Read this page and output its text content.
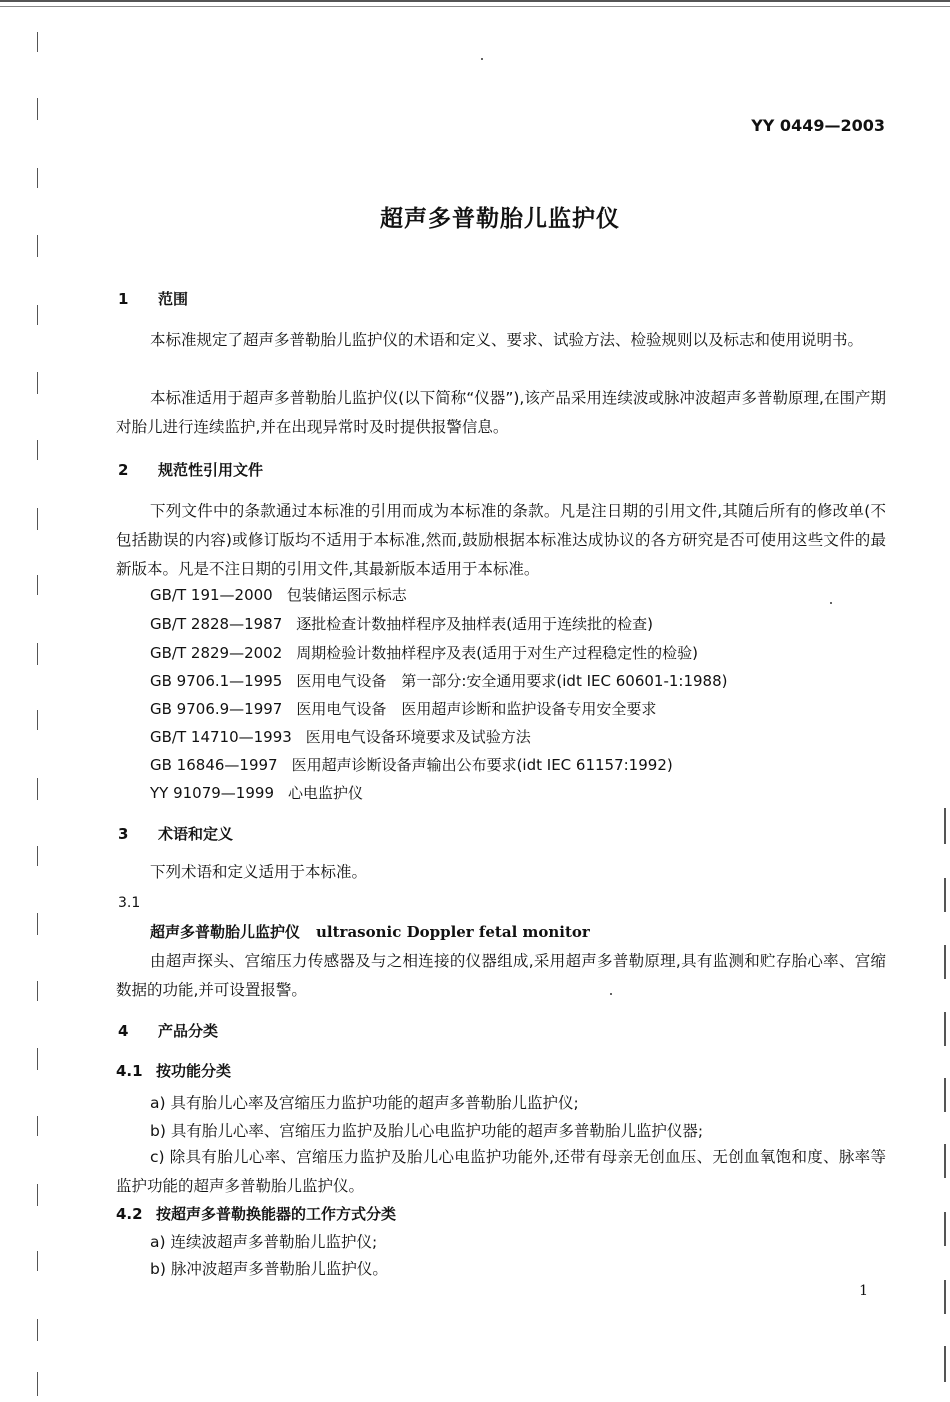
YY 0449—2003
超声多普勒胎儿监护仪
1 范围
本标准规定了超声多普勒胎儿监护仪的术语和定义、要求、试验方法、检验规则以及标志和使用说明书。
本标准适用于超声多普勒胎儿监护仪(以下简称“仪器”),该产品采用连续波或脉冲波超声多普勒原理,在围产期对胎儿进行连续监护,并在出现异常时及时提供报警信息。
2 规范性引用文件
下列文件中的条款通过本标准的引用而成为本标准的条款。凡是注日期的引用文件,其随后所有的修改单(不包括勘误的内容)或修订版均不适用于本标准,然而,鼓励根据本标准达成协议的各方研究是否可使用这些文件的最新版本。凡是不注日期的引用文件,其最新版本适用于本标准。
GB/T 191—2000 包装储运图示标志
GB/T 2828—1987 逐批检查计数抽样程序及抽样表(适用于连续批的检查)
GB/T 2829—2002 周期检验计数抽样程序及表(适用于对生产过程稳定性的检验)
GB 9706.1—1995 医用电气设备　第一部分:安全通用要求(idt IEC 60601-1:1988)
GB 9706.9—1997 医用电气设备　医用超声诊断和监护设备专用安全要求
GB/T 14710—1993 医用电气设备环境要求及试验方法
GB 16846—1997 医用超声诊断设备声输出公布要求(idt IEC 61157:1992)
YY 91079—1999 心电监护仪
3 术语和定义
下列术语和定义适用于本标准。
3.1
超声多普勒胎儿监护仪 ultrasonic Doppler fetal monitor
由超声探头、宫缩压力传感器及与之相连接的仪器组成,采用超声多普勒原理,具有监测和贮存胎心率、宫缩数据的功能,并可设置报警。
4 产品分类
4.1 按功能分类
a) 具有胎儿心率及宫缩压力监护功能的超声多普勒胎儿监护仪;
b) 具有胎儿心率、宫缩压力监护及胎儿心电监护功能的超声多普勒胎儿监护仪器;
c) 除具有胎儿心率、宫缩压力监护及胎儿心电监护功能外,还带有母亲无创血压、无创血氧饱和度、脉率等监护功能的超声多普勒胎儿监护仪。
4.2 按超声多普勒换能器的工作方式分类
a) 连续波超声多普勒胎儿监护仪;
b) 脉冲波超声多普勒胎儿监护仪。
1
